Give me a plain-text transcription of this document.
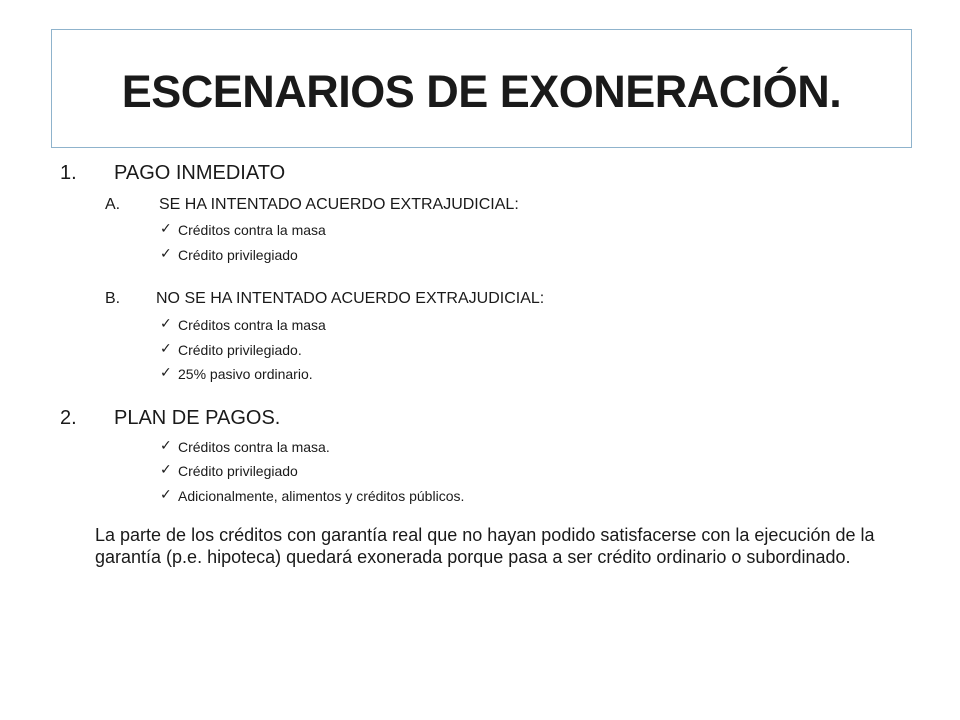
ESCENARIOS DE EXONERACIÓN.
1. PAGO INMEDIATO
A. SE HA INTENTADO ACUERDO EXTRAJUDICIAL:
✓ Créditos contra la masa
✓ Crédito privilegiado
B. NO SE HA INTENTADO ACUERDO EXTRAJUDICIAL:
✓ Créditos contra la masa
✓ Crédito privilegiado.
✓ 25% pasivo ordinario.
2. PLAN DE PAGOS.
✓ Créditos contra la masa.
✓ Crédito privilegiado
✓ Adicionalmente, alimentos y créditos públicos.
La parte de los créditos con garantía real que no hayan podido satisfacerse con la ejecución de la garantía (p.e. hipoteca) quedará exonerada porque pasa a ser crédito ordinario o subordinado.
